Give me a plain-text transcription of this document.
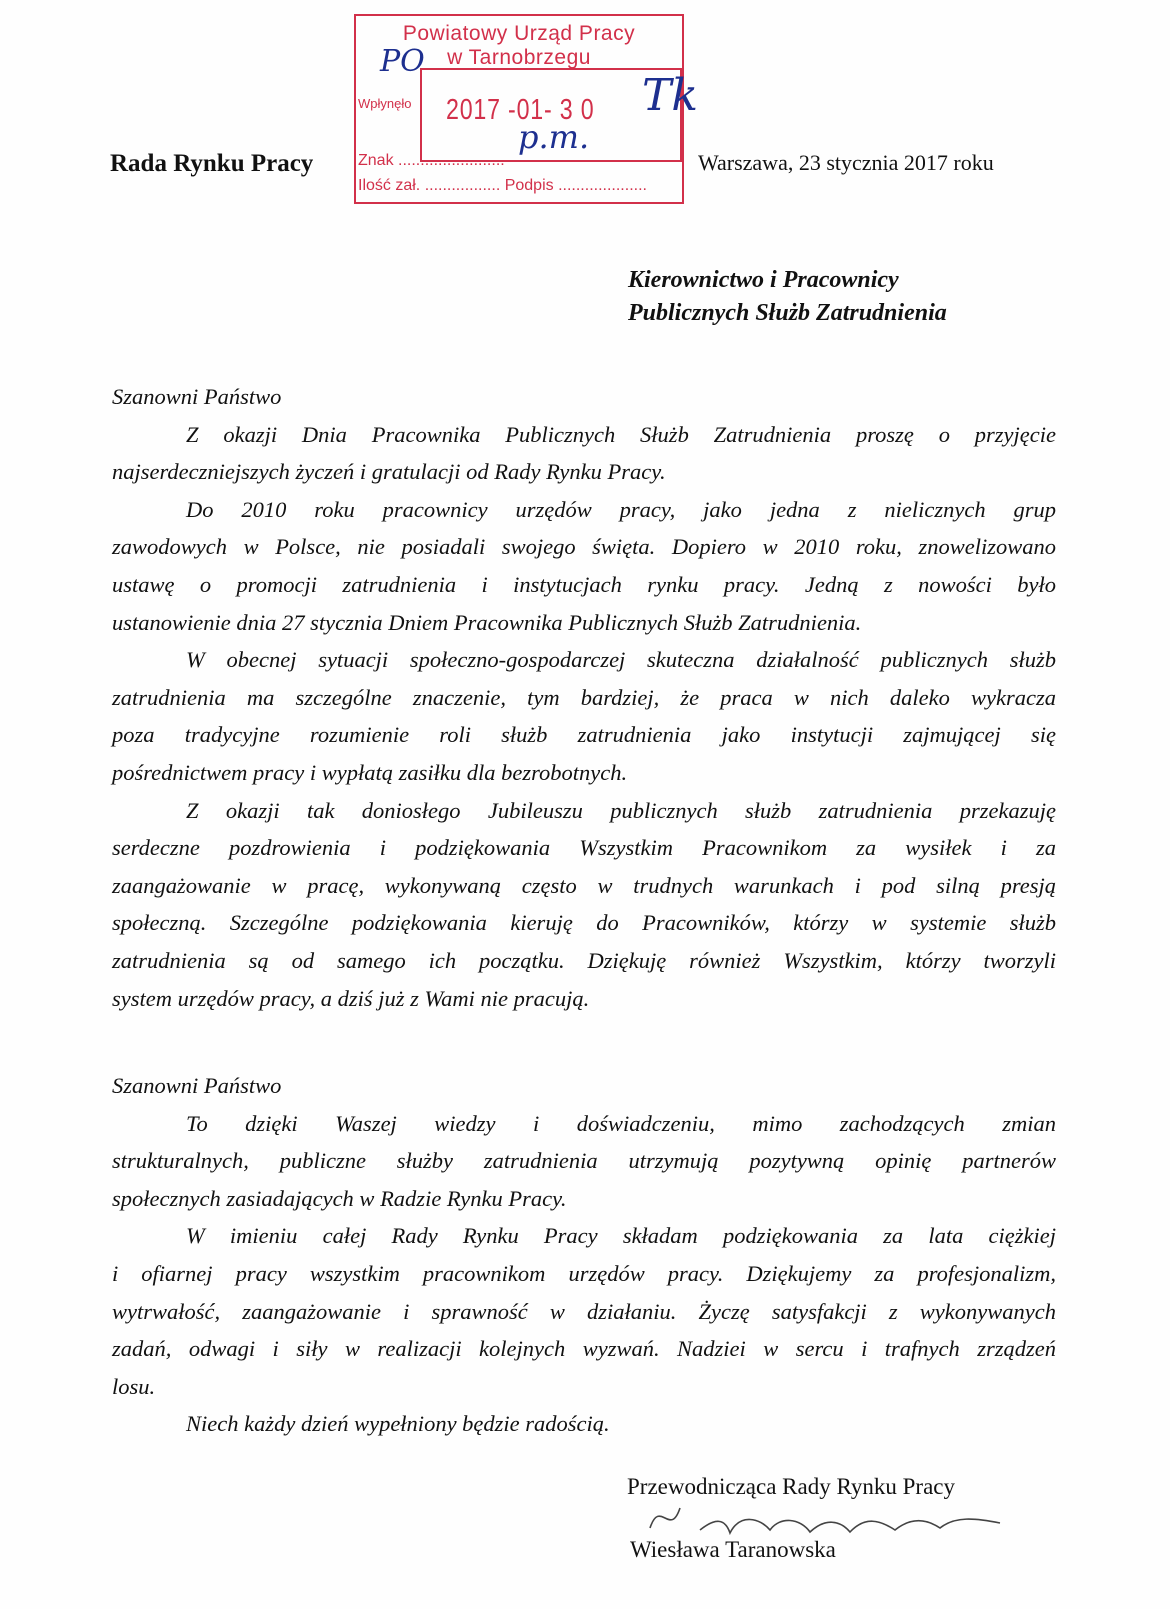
Rada Rynku Pracy
Powiatowy Urząd Pracy
w Tarnobrzegu
Wpłynęło 2017 -01- 3 0
Znak ........................
Ilość zał. ................. Podpis ....................
PO
p.m.
Tk
Warszawa, 23 stycznia 2017 roku
Kierownictwo i Pracownicy
Publicznych Służb Zatrudnienia
Szanowni Państwo
Z okazji Dnia Pracownika Publicznych Służb Zatrudnienia proszę o przyjęcie
najserdeczniejszych życzeń i gratulacji od Rady Rynku Pracy.
Do 2010 roku pracownicy urzędów pracy, jako jedna z nielicznych grup
zawodowych w Polsce, nie posiadali swojego święta. Dopiero w 2010 roku, znowelizowano
ustawę o promocji zatrudnienia i instytucjach rynku pracy. Jedną z nowości było
ustanowienie dnia 27 stycznia Dniem Pracownika Publicznych Służb Zatrudnienia.
W obecnej sytuacji społeczno-gospodarczej skuteczna działalność publicznych służb
zatrudnienia ma szczególne znaczenie, tym bardziej, że praca w nich daleko wykracza
poza tradycyjne rozumienie roli służb zatrudnienia jako instytucji zajmującej się
pośrednictwem pracy i wypłatą zasiłku dla bezrobotnych.
Z okazji tak doniosłego Jubileuszu publicznych służb zatrudnienia przekazuję
serdeczne pozdrowienia i podziękowania Wszystkim Pracownikom za wysiłek i za
zaangażowanie w pracę, wykonywaną często w trudnych warunkach i pod silną presją
społeczną. Szczególne podziękowania kieruję do Pracowników, którzy w systemie służb
zatrudnienia są od samego ich początku. Dziękuję również Wszystkim, którzy tworzyli
system urzędów pracy, a dziś już z Wami nie pracują.
Szanowni Państwo
To dzięki Waszej wiedzy i doświadczeniu, mimo zachodzących zmian
strukturalnych, publiczne służby zatrudnienia utrzymują pozytywną opinię partnerów
społecznych zasiadających w Radzie Rynku Pracy.
W imieniu całej Rady Rynku Pracy składam podziękowania za lata ciężkiej
i ofiarnej pracy wszystkim pracownikom urzędów pracy. Dziękujemy za profesjonalizm,
wytrwałość, zaangażowanie i sprawność w działaniu. Życzę satysfakcji z wykonywanych
zadań, odwagi i siły w realizacji kolejnych wyzwań. Nadziei w sercu i trafnych zrządzeń
losu.
Niech każdy dzień wypełniony będzie radością.
Przewodnicząca Rady Rynku Pracy
Wiesława Taranowska
